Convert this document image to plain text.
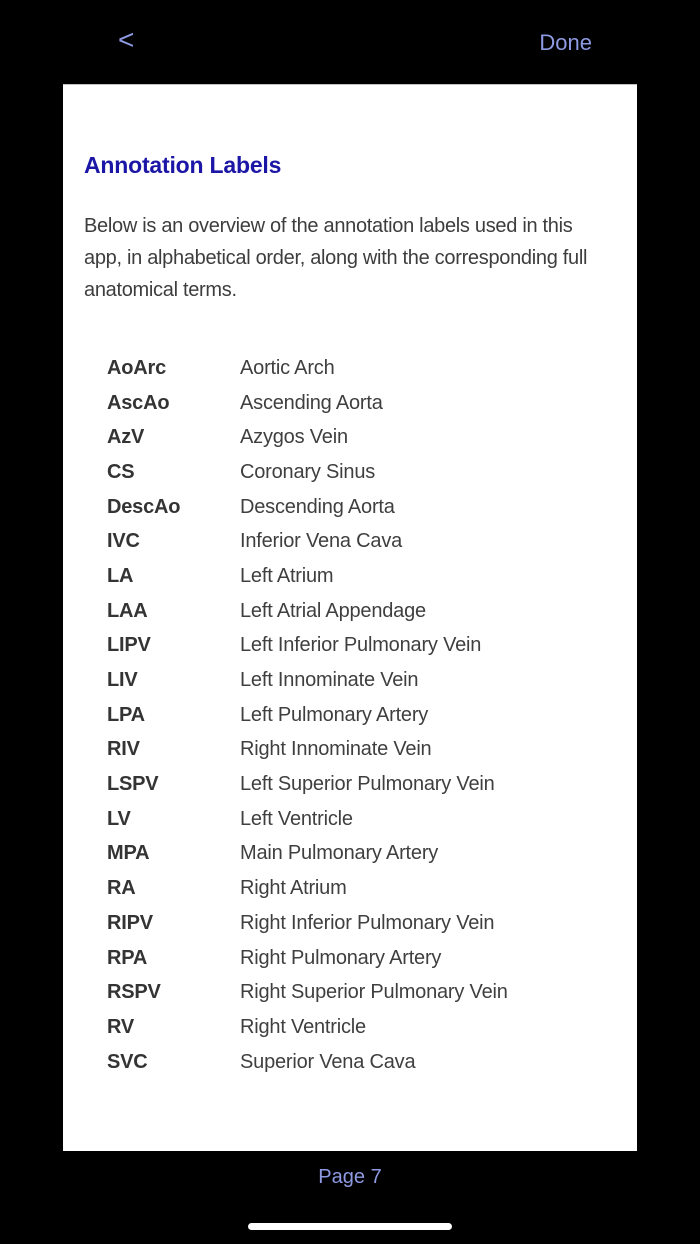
<	Done
Annotation Labels
Below is an overview of the annotation labels used in this app, in alphabetical order, along with the corresponding full anatomical terms.
AoArc	Aortic Arch
AscAo	Ascending Aorta
AzV	Azygos Vein
CS	Coronary Sinus
DescAo	Descending Aorta
IVC	Inferior Vena Cava
LA	Left Atrium
LAA	Left Atrial Appendage
LIPV	Left Inferior Pulmonary Vein
LIV	Left Innominate Vein
LPA	Left Pulmonary Artery
RIV	Right Innominate Vein
LSPV	Left Superior Pulmonary Vein
LV	Left Ventricle
MPA	Main Pulmonary Artery
RA	Right Atrium
RIPV	Right Inferior Pulmonary Vein
RPA	Right Pulmonary Artery
RSPV	Right Superior Pulmonary Vein
RV	Right Ventricle
SVC	Superior Vena Cava
Page 7
